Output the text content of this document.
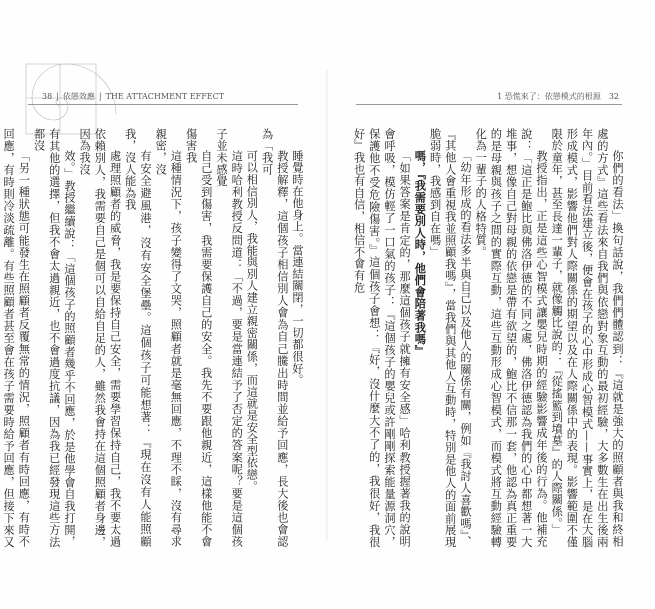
38 | 依戀效應 | THE ATTACHMENT EFFECT

睡覺時在他身上。當連結關閉，一切都很好。

教授解釋，這個孩子相信別人會為自己騰出時間並給予回應，長大後也會認為「我可

可以相信別人，我能與別人建立親密關係，而這就是安全型依戀。

這時哈利教授反問道：「不過，要是當連結予了否定的答案呢？要是這個孩子並未感覺

自己受到傷害，我需要保護自己的安全。我先不要跟他親近，這樣他能不會傷害我

這種情況下，孩子變得了文哭，照顧者就是毫無回應，不理不睬，沒有尋求親密，沒

有安全避風港，沒有安全堡壘。這個孩子可能想著：『現在沒有人能照顧我，沒人能為我

處理照顧者的威脅，我是要保持自己安全，需要學習保持自己，我不要太過依賴別人，我需要自己是個可以自給自足的人，雖然我會持在這個照顧者身邊，因為我沒

效。」教授繼續說：「這個孩子的照顧者幾乎不回應，於是他學會自我打開，有其他的選擇，但我不會太過親近，也不會過度抗議，因為我已經發現這些方法都沒

「另一種狀態可能發生在照顧者反覆無常的情況，照顧者有時回應，有時不回應，有時則冷淡疏離。有些照顧者甚至會在孩子需要時給予回應，但接下來又

1 恐慌來了：依戀模式的根源 32

你們的看法」換句話說，我們們體認到：『這就是強大的照顧者與我和終相處的方式』這些看法來自我們與依戀對象互動的最初經驗，大多數生在出生後兩年內。」目前看法建立後，便會在孩子的心中形成心智模式——事實上，是在大腦形成模式，影響他們對人際關係的期望以及在人際關係中的表現。影響範圍不僅限於童年，甚至長達一輩子，就像觸比說的：『從搖籃到墳墓』的人際關係。」

教授指出，正是這些心智模式讓嬰兒時期的經驗影響成年後的行為。他補充說：「這正是鮑比與佛洛伊德的不同之處，佛洛伊德認為我們的心中都想著一大堆事，想像自己對母親的依戀是帶有欲望的，鮑比不信那一套，他認為真正重要的是母親與孩子之間的實際互動，這些互動形成心智模式，而模式將互動經驗轉化為一輩子的人格特質。

「幼年形成的看法多半與自己以及他人的關係有關，例如『我討人喜歡嗎』、『其他人會重視我並照顧我嗎』，當我們與其他人互動時，特別是他人的面前展現脆弱時，我感到自在嗎」

嗎，『我需要別人時，他們會陪著我嗎』

「如果答案是肯定的，那麼這個孩子就擁有安全感」哈利教授握著我的說明會呼吸，模仿輕了一口氣的孩子：『這個孩子的嬰兒或許剛剛探索能量源洞穴，保護他不受危險傷害。』這個孩子會想：『好，沒什麼大不了的，我很好，我很好』我也有自信，相信不會有危
